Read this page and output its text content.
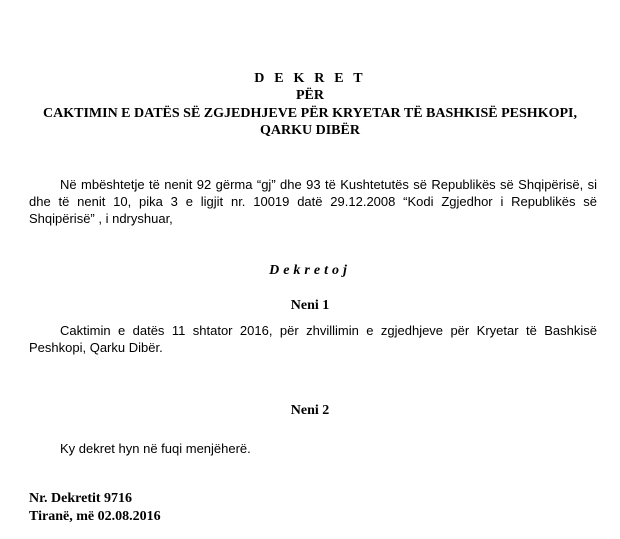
D E K R E T
PËR
CAKTIMIN E DATËS SË ZGJEDHJEVE PËR KRYETAR TË BASHKISË PESHKOPI,
QARKU DIBËR
Në mbështetje të nenit 92 gërma “gj” dhe 93 të Kushtetutës së Republikës së Shqipërisë, si dhe të nenit 10, pika 3 e ligjit nr. 10019 datë 29.12.2008 “Kodi Zgjedhor i Republikës së Shqipërisë” , i ndryshuar,
Dekretoj
Neni 1
Caktimin e datës 11 shtator 2016, për zhvillimin e zgjedhjeve për Kryetar të Bashkisë Peshkopi, Qarku Dibër.
Neni 2
Ky dekret hyn në fuqi menjëherë.
Nr. Dekretit 9716
Tiranë, më 02.08.2016
